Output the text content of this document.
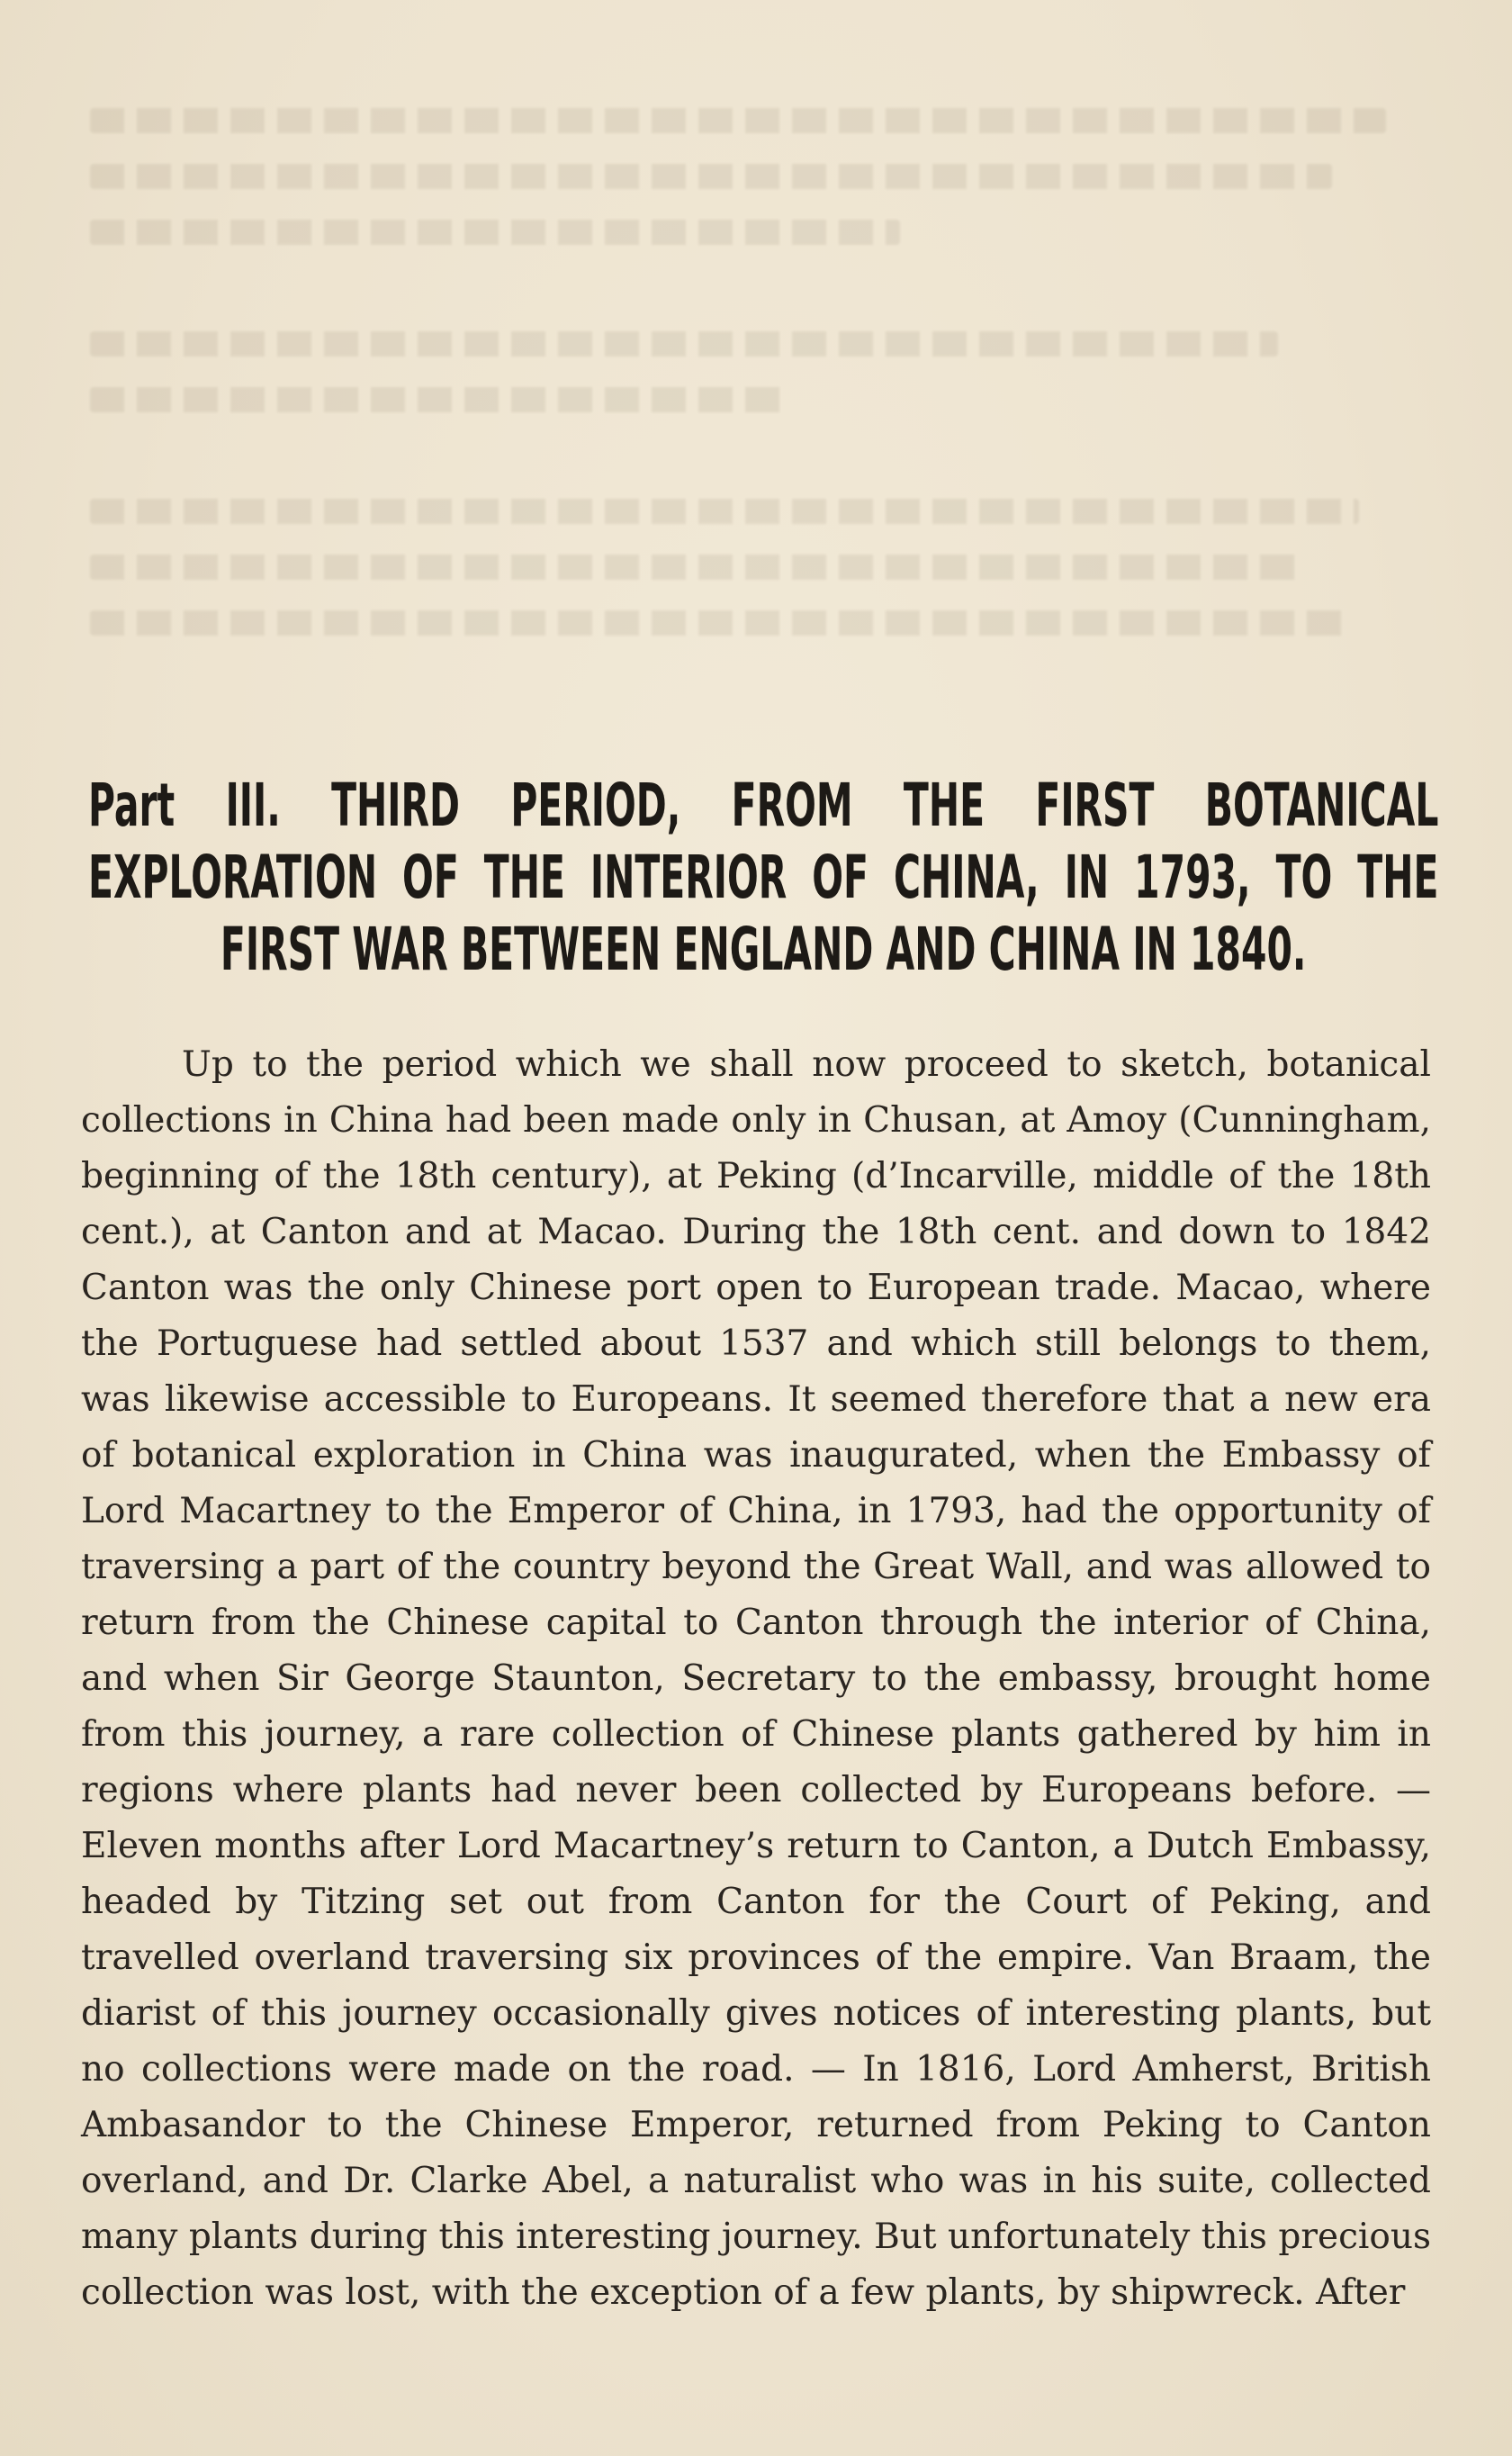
Part III. THIRD PERIOD, FROM THE FIRST BOTANICAL EXPLORATION OF THE INTERIOR OF CHINA, IN 1793, TO THE FIRST WAR BETWEEN ENGLAND AND CHINA IN 1840.
Up to the period which we shall now proceed to sketch, botanical collections in China had been made only in Chusan, at Amoy (Cunningham, beginning of the 18th century), at Peking (d’Incarville, middle of the 18th cent.), at Canton and at Macao. During the 18th cent. and down to 1842 Canton was the only Chinese port open to European trade. Macao, where the Portuguese had settled about 1537 and which still belongs to them, was likewise accessible to Europeans. It seemed therefore that a new era of botanical exploration in China was inaugurated, when the Embassy of Lord Macartney to the Emperor of China, in 1793, had the opportunity of traversing a part of the country beyond the Great Wall, and was allowed to return from the Chinese capital to Canton through the interior of China, and when Sir George Staunton, Secretary to the embassy, brought home from this journey, a rare collection of Chinese plants gathered by him in regions where plants had never been collected by Europeans before. — Eleven months after Lord Macartney’s return to Canton, a Dutch Embassy, headed by Titzing set out from Canton for the Court of Peking, and travelled overland traversing six provinces of the empire. Van Braam, the diarist of this journey occasionally gives notices of interesting plants, but no collections were made on the road. — In 1816, Lord Amherst, British Ambasandor to the Chinese Emperor, returned from Peking to Canton overland, and Dr. Clarke Abel, a naturalist who was in his suite, collected many plants during this interesting journey. But unfortunately this precious collection was lost, with the exception of a few plants, by shipwreck. After
